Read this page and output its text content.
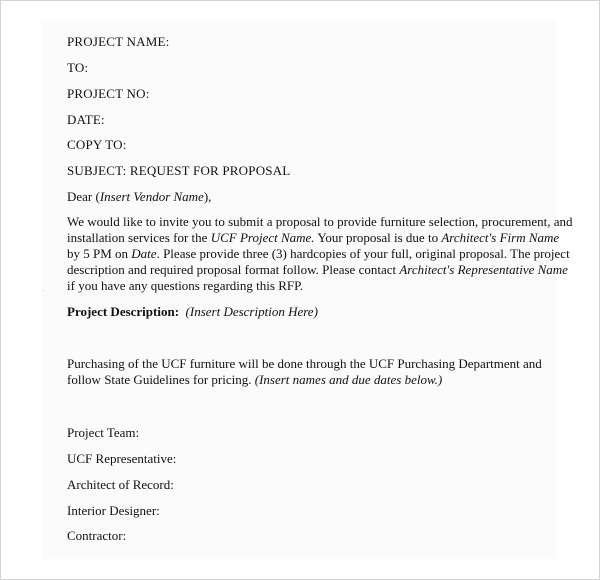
PROJECT NAME:
TO:
PROJECT NO:
DATE:
COPY TO:
SUBJECT: REQUEST FOR PROPOSAL
Dear (Insert Vendor Name),
We would like to invite you to submit a proposal to provide furniture selection, procurement, and
installation services for the UCF Project Name. Your proposal is due to Architect's Firm Name
by 5 PM on Date. Please provide three (3) hardcopies of your full, original proposal. The project
description and required proposal format follow. Please contact Architect's Representative Name
if you have any questions regarding this RFP.
Project Description: (Insert Description Here)
Purchasing of the UCF furniture will be done through the UCF Purchasing Department and
follow State Guidelines for pricing. (Insert names and due dates below.)
Project Team:
UCF Representative:
Architect of Record:
Interior Designer:
Contractor:
